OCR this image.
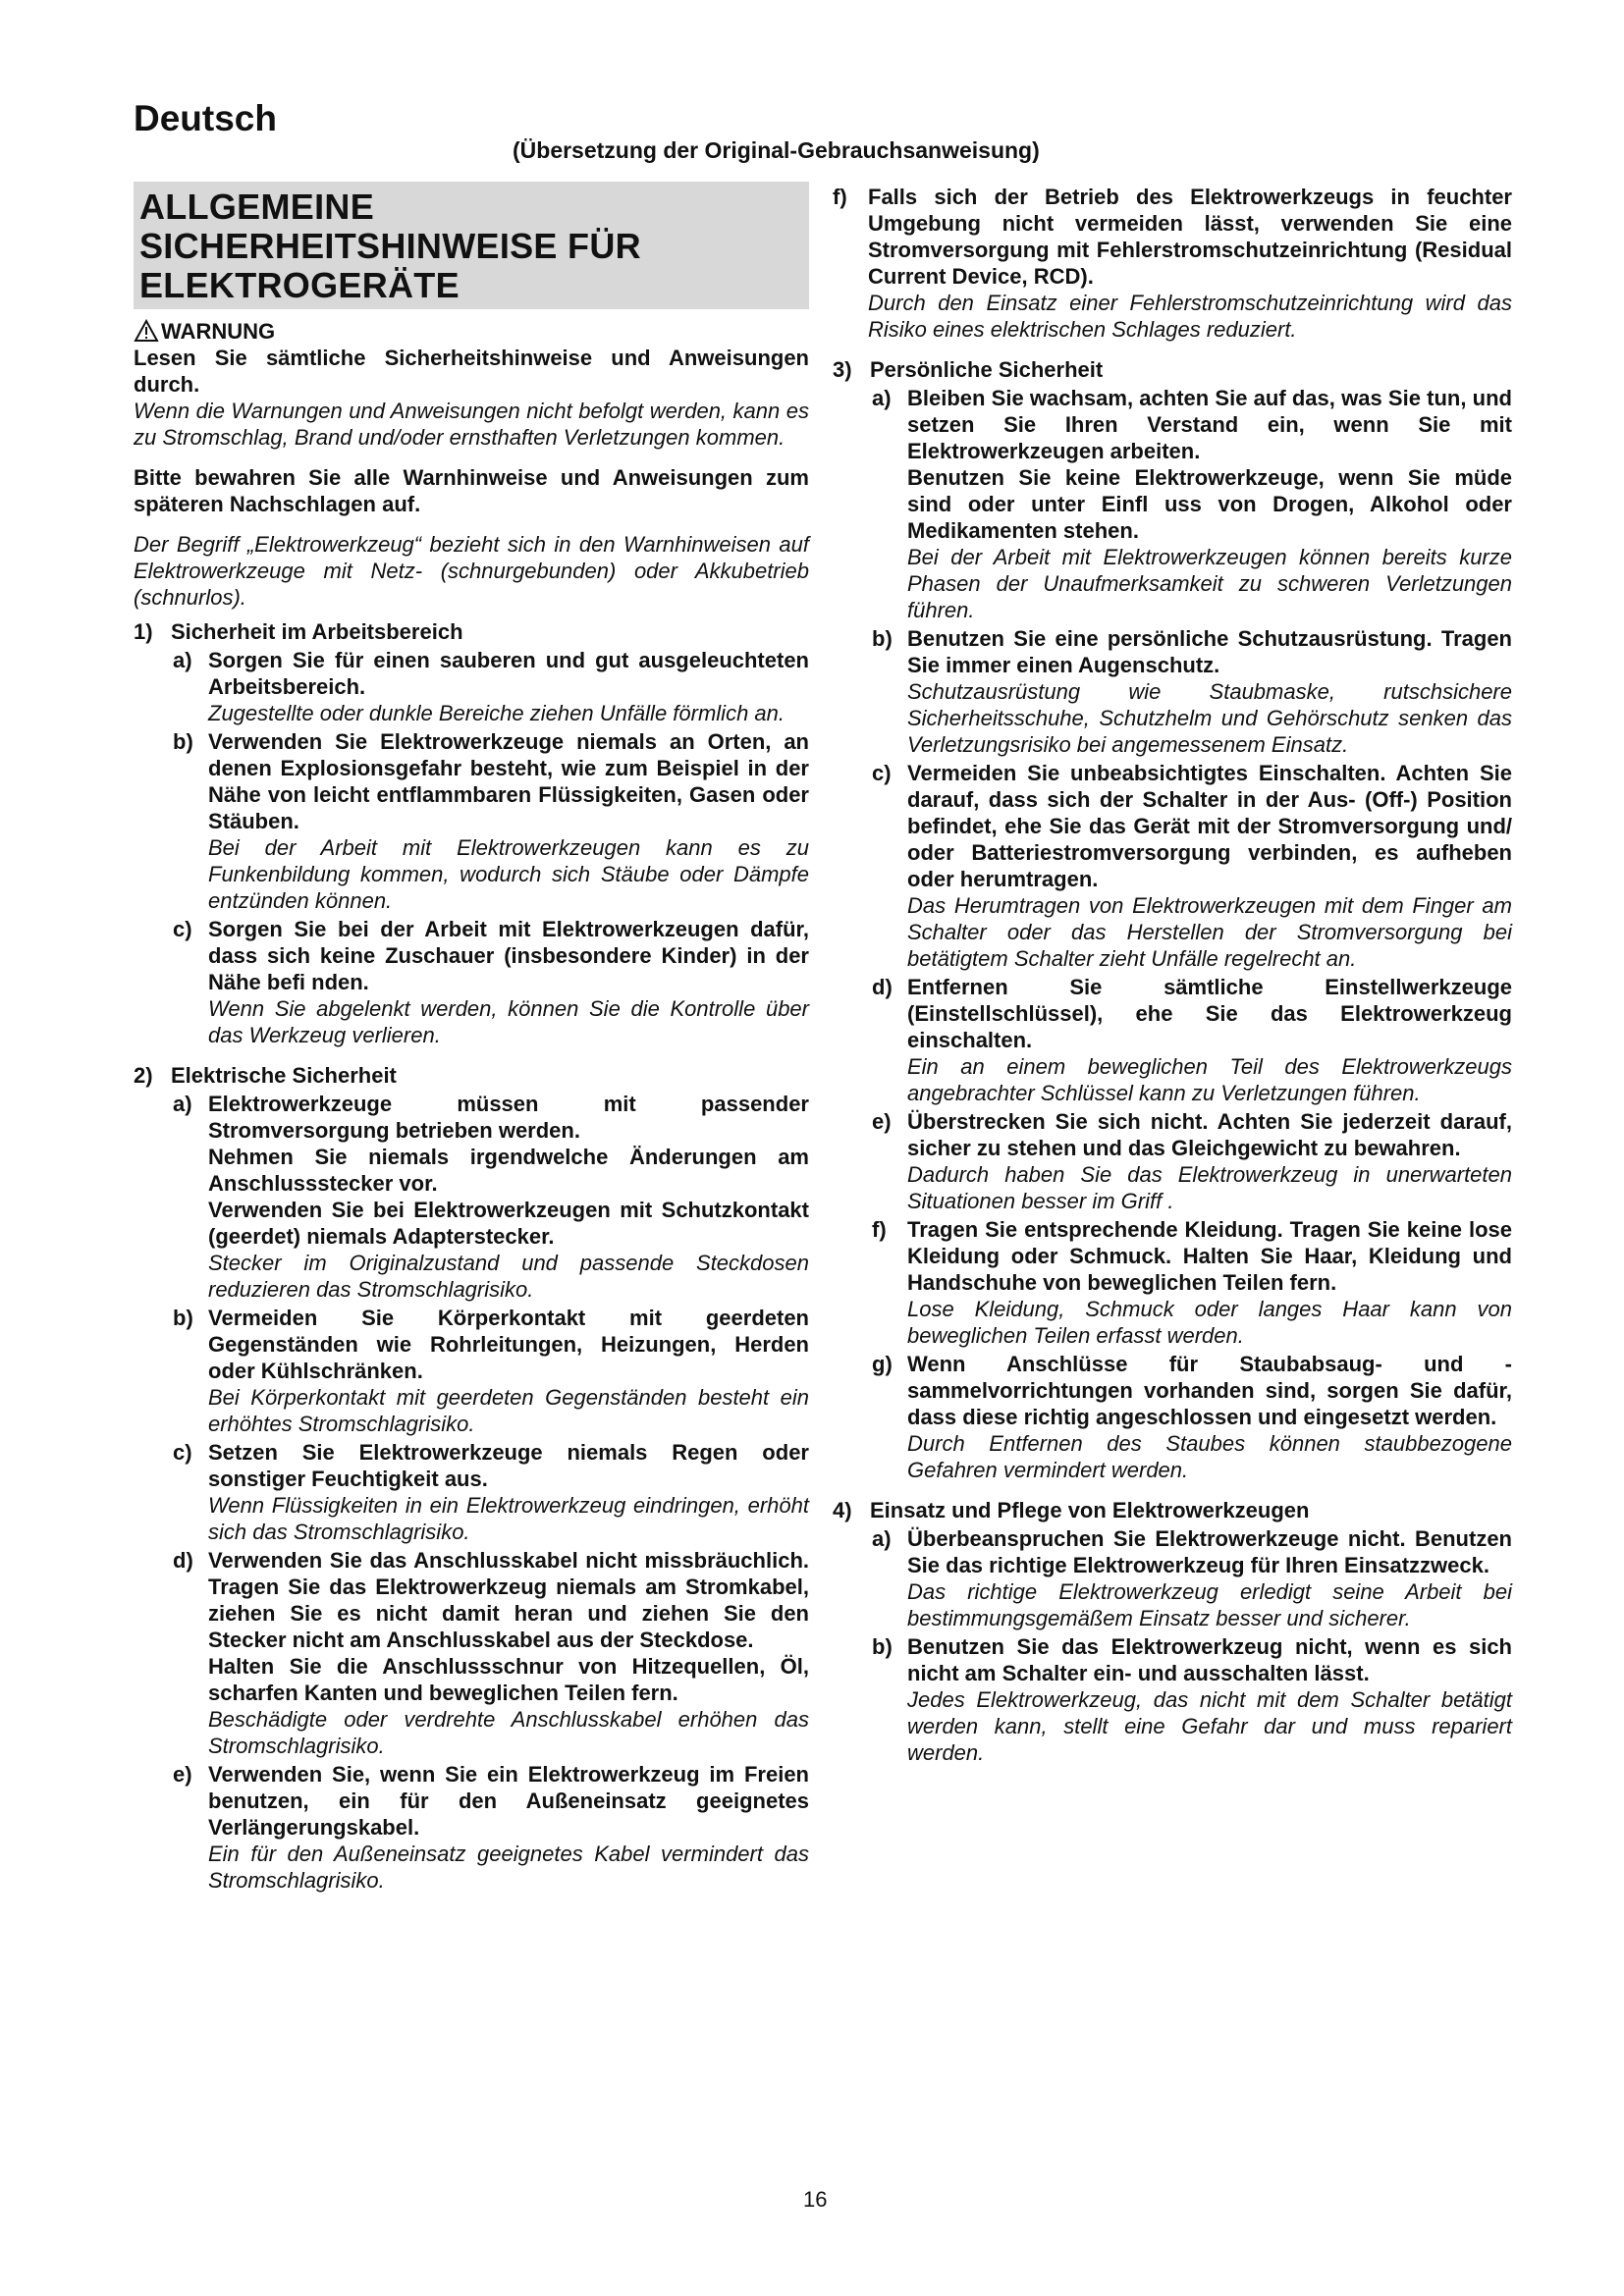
Deutsch
(Übersetzung der Original-Gebrauchsanweisung)
ALLGEMEINE
SICHERHEITSHINWEISE FÜR
ELEKTROGERÄTE
WARNUNG
Lesen Sie sämtliche Sicherheitshinweise und Anweisungen durch.
Wenn die Warnungen und Anweisungen nicht befolgt werden, kann es zu Stromschlag, Brand und/oder ernsthaften Verletzungen kommen.
Bitte bewahren Sie alle Warnhinweise und Anweisungen zum späteren Nachschlagen auf.
Der Begriff „Elektrowerkzeug“ bezieht sich in den Warnhinweisen auf Elektrowerkzeuge mit Netz- (schnurgebunden) oder Akkubetrieb (schnurlos).
1) Sicherheit im Arbeitsbereich
a) Sorgen Sie für einen sauberen und gut ausgeleuchteten Arbeitsbereich.
Zugestellte oder dunkle Bereiche ziehen Unfälle förmlich an.
b) Verwenden Sie Elektrowerkzeuge niemals an Orten, an denen Explosionsgefahr besteht, wie zum Beispiel in der Nähe von leicht entflammbaren Flüssigkeiten, Gasen oder Stäuben.
Bei der Arbeit mit Elektrowerkzeugen kann es zu Funkenbildung kommen, wodurch sich Stäube oder Dämpfe entzünden können.
c) Sorgen Sie bei der Arbeit mit Elektrowerkzeugen dafür, dass sich keine Zuschauer (insbesondere Kinder) in der Nähe befi nden.
Wenn Sie abgelenkt werden, können Sie die Kontrolle über das Werkzeug verlieren.
2) Elektrische Sicherheit
a) Elektrowerkzeuge müssen mit passender Stromversorgung betrieben werden.
Nehmen Sie niemals irgendwelche Änderungen am Anschlussstecker vor.
Verwenden Sie bei Elektrowerkzeugen mit Schutzkontakt (geerdet) niemals Adapterstecker.
Stecker im Originalzustand und passende Steckdosen reduzieren das Stromschlagrisiko.
b) Vermeiden Sie Körperkontakt mit geerdeten Gegenständen wie Rohrleitungen, Heizungen, Herden oder Kühlschränken.
Bei Körperkontakt mit geerdeten Gegenständen besteht ein erhöhtes Stromschlagrisiko.
c) Setzen Sie Elektrowerkzeuge niemals Regen oder sonstiger Feuchtigkeit aus.
Wenn Flüssigkeiten in ein Elektrowerkzeug eindringen, erhöht sich das Stromschlagrisiko.
d) Verwenden Sie das Anschlusskabel nicht missbräuchlich. Tragen Sie das Elektrowerkzeug niemals am Stromkabel, ziehen Sie es nicht damit heran und ziehen Sie den Stecker nicht am Anschlusskabel aus der Steckdose.
Halten Sie die Anschlussschnur von Hitzequellen, Öl, scharfen Kanten und beweglichen Teilen fern.
Beschädigte oder verdrehte Anschlusskabel erhöhen das Stromschlagrisiko.
e) Verwenden Sie, wenn Sie ein Elektrowerkzeug im Freien benutzen, ein für den Außeneinsatz geeignetes Verlängerungskabel.
Ein für den Außeneinsatz geeignetes Kabel vermindert das Stromschlagrisiko.
f) Falls sich der Betrieb des Elektrowerkzeugs in feuchter Umgebung nicht vermeiden lässt, verwenden Sie eine Stromversorgung mit Fehlerstromschutzeinrichtung (Residual Current Device, RCD).
Durch den Einsatz einer Fehlerstromschutzeinrichtung wird das Risiko eines elektrischen Schlages reduziert.
3) Persönliche Sicherheit
a) Bleiben Sie wachsam, achten Sie auf das, was Sie tun, und setzen Sie Ihren Verstand ein, wenn Sie mit Elektrowerkzeugen arbeiten.
Benutzen Sie keine Elektrowerkzeuge, wenn Sie müde sind oder unter Einfl uss von Drogen, Alkohol oder Medikamenten stehen.
Bei der Arbeit mit Elektrowerkzeugen können bereits kurze Phasen der Unaufmerksamkeit zu schweren Verletzungen führen.
b) Benutzen Sie eine persönliche Schutzausrüstung. Tragen Sie immer einen Augenschutz.
Schutzausrüstung wie Staubmaske, rutschsichere Sicherheitsschuhe, Schutzhelm und Gehörschutz senken das Verletzungsrisiko bei angemessenem Einsatz.
c) Vermeiden Sie unbeabsichtigtes Einschalten. Achten Sie darauf, dass sich der Schalter in der Aus- (Off-) Position befindet, ehe Sie das Gerät mit der Stromversorgung und/ oder Batteriestromversorgung verbinden, es aufheben oder herumtragen.
Das Herumtragen von Elektrowerkzeugen mit dem Finger am Schalter oder das Herstellen der Stromversorgung bei betätigtem Schalter zieht Unfälle regelrecht an.
d) Entfernen Sie sämtliche Einstellwerkzeuge (Einstellschlüssel), ehe Sie das Elektrowerkzeug einschalten.
Ein an einem beweglichen Teil des Elektrowerkzeugs angebrachter Schlüssel kann zu Verletzungen führen.
e) Überstrecken Sie sich nicht. Achten Sie jederzeit darauf, sicher zu stehen und das Gleichgewicht zu bewahren.
Dadurch haben Sie das Elektrowerkzeug in unerwarteten Situationen besser im Griff .
f) Tragen Sie entsprechende Kleidung. Tragen Sie keine lose Kleidung oder Schmuck. Halten Sie Haar, Kleidung und Handschuhe von beweglichen Teilen fern.
Lose Kleidung, Schmuck oder langes Haar kann von beweglichen Teilen erfasst werden.
g) Wenn Anschlüsse für Staubabsaug- und -sammelvorrichtungen vorhanden sind, sorgen Sie dafür, dass diese richtig angeschlossen und eingesetzt werden.
Durch Entfernen des Staubes können staubbezogene Gefahren vermindert werden.
4) Einsatz und Pflege von Elektrowerkzeugen
a) Überbeanspruchen Sie Elektrowerkzeuge nicht. Benutzen Sie das richtige Elektrowerkzeug für Ihren Einsatzzweck.
Das richtige Elektrowerkzeug erledigt seine Arbeit bei bestimmungsgemäßem Einsatz besser und sicherer.
b) Benutzen Sie das Elektrowerkzeug nicht, wenn es sich nicht am Schalter ein- und ausschalten lässt.
Jedes Elektrowerkzeug, das nicht mit dem Schalter betätigt werden kann, stellt eine Gefahr dar und muss repariert werden.
16
